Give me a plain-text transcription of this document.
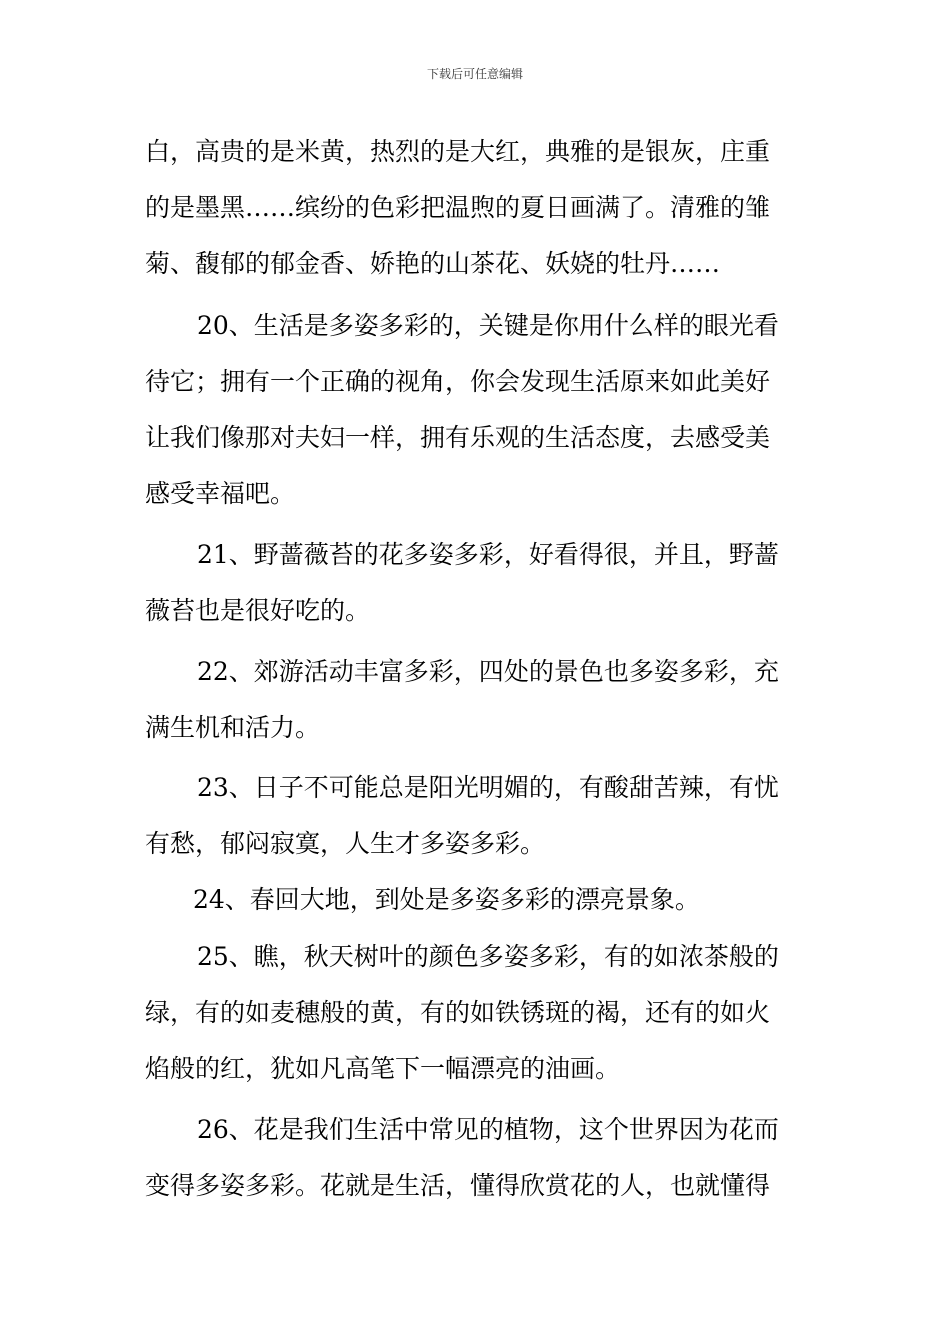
下载后可任意编辑
白，高贵的是米黄，热烈的是大红，典雅的是银灰，庄重
的是墨黑……缤纷的色彩把温煦的夏日画满了。清雅的雏
菊、馥郁的郁金香、娇艳的山茶花、妖娆的牡丹……
20、生活是多姿多彩的，关键是你用什么样的眼光看
待它；拥有一个正确的视角，你会发现生活原来如此美好
让我们像那对夫妇一样，拥有乐观的生活态度，去感受美
感受幸福吧。
21、野蔷薇苔的花多姿多彩，好看得很，并且，野蔷
薇苔也是很好吃的。
22、郊游活动丰富多彩，四处的景色也多姿多彩，充
满生机和活力。
23、日子不可能总是阳光明媚的，有酸甜苦辣，有忧
有愁，郁闷寂寞，人生才多姿多彩。
24、春回大地，到处是多姿多彩的漂亮景象。
25、瞧，秋天树叶的颜色多姿多彩，有的如浓茶般的
绿，有的如麦穗般的黄，有的如铁锈斑的褐，还有的如火
焰般的红，犹如凡高笔下一幅漂亮的油画。
26、花是我们生活中常见的植物，这个世界因为花而
变得多姿多彩。花就是生活，懂得欣赏花的人，也就懂得
